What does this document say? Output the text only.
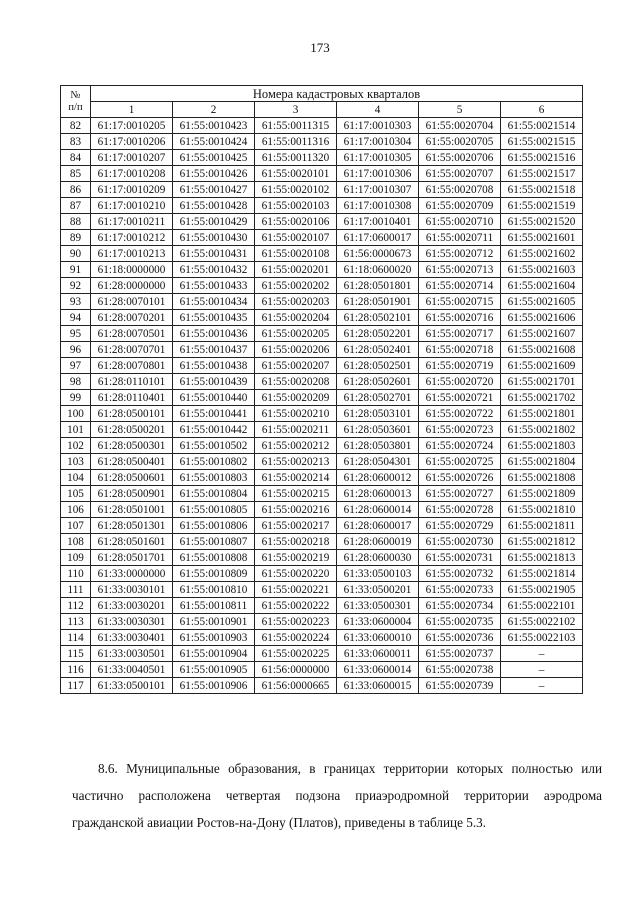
173
№
п/п	Номера кадастровых кварталов					
	1	2	3	4	5	6
82	61:17:0010205	61:55:0010423	61:55:0011315	61:17:0010303	61:55:0020704	61:55:0021514
83	61:17:0010206	61:55:0010424	61:55:0011316	61:17:0010304	61:55:0020705	61:55:0021515
84	61:17:0010207	61:55:0010425	61:55:0011320	61:17:0010305	61:55:0020706	61:55:0021516
85	61:17:0010208	61:55:0010426	61:55:0020101	61:17:0010306	61:55:0020707	61:55:0021517
86	61:17:0010209	61:55:0010427	61:55:0020102	61:17:0010307	61:55:0020708	61:55:0021518
87	61:17:0010210	61:55:0010428	61:55:0020103	61:17:0010308	61:55:0020709	61:55:0021519
88	61:17:0010211	61:55:0010429	61:55:0020106	61:17:0010401	61:55:0020710	61:55:0021520
89	61:17:0010212	61:55:0010430	61:55:0020107	61:17:0600017	61:55:0020711	61:55:0021601
90	61:17:0010213	61:55:0010431	61:55:0020108	61:56:0000673	61:55:0020712	61:55:0021602
91	61:18:0000000	61:55:0010432	61:55:0020201	61:18:0600020	61:55:0020713	61:55:0021603
92	61:28:0000000	61:55:0010433	61:55:0020202	61:28:0501801	61:55:0020714	61:55:0021604
93	61:28:0070101	61:55:0010434	61:55:0020203	61:28:0501901	61:55:0020715	61:55:0021605
94	61:28:0070201	61:55:0010435	61:55:0020204	61:28:0502101	61:55:0020716	61:55:0021606
95	61:28:0070501	61:55:0010436	61:55:0020205	61:28:0502201	61:55:0020717	61:55:0021607
96	61:28:0070701	61:55:0010437	61:55:0020206	61:28:0502401	61:55:0020718	61:55:0021608
97	61:28:0070801	61:55:0010438	61:55:0020207	61:28:0502501	61:55:0020719	61:55:0021609
98	61:28:0110101	61:55:0010439	61:55:0020208	61:28:0502601	61:55:0020720	61:55:0021701
99	61:28:0110401	61:55:0010440	61:55:0020209	61:28:0502701	61:55:0020721	61:55:0021702
100	61:28:0500101	61:55:0010441	61:55:0020210	61:28:0503101	61:55:0020722	61:55:0021801
101	61:28:0500201	61:55:0010442	61:55:0020211	61:28:0503601	61:55:0020723	61:55:0021802
102	61:28:0500301	61:55:0010502	61:55:0020212	61:28:0503801	61:55:0020724	61:55:0021803
103	61:28:0500401	61:55:0010802	61:55:0020213	61:28:0504301	61:55:0020725	61:55:0021804
104	61:28:0500601	61:55:0010803	61:55:0020214	61:28:0600012	61:55:0020726	61:55:0021808
105	61:28:0500901	61:55:0010804	61:55:0020215	61:28:0600013	61:55:0020727	61:55:0021809
106	61:28:0501001	61:55:0010805	61:55:0020216	61:28:0600014	61:55:0020728	61:55:0021810
107	61:28:0501301	61:55:0010806	61:55:0020217	61:28:0600017	61:55:0020729	61:55:0021811
108	61:28:0501601	61:55:0010807	61:55:0020218	61:28:0600019	61:55:0020730	61:55:0021812
109	61:28:0501701	61:55:0010808	61:55:0020219	61:28:0600030	61:55:0020731	61:55:0021813
110	61:33:0000000	61:55:0010809	61:55:0020220	61:33:0500103	61:55:0020732	61:55:0021814
111	61:33:0030101	61:55:0010810	61:55:0020221	61:33:0500201	61:55:0020733	61:55:0021905
112	61:33:0030201	61:55:0010811	61:55:0020222	61:33:0500301	61:55:0020734	61:55:0022101
113	61:33:0030301	61:55:0010901	61:55:0020223	61:33:0600004	61:55:0020735	61:55:0022102
114	61:33:0030401	61:55:0010903	61:55:0020224	61:33:0600010	61:55:0020736	61:55:0022103
115	61:33:0030501	61:55:0010904	61:55:0020225	61:33:0600011	61:55:0020737	–
116	61:33:0040501	61:55:0010905	61:56:0000000	61:33:0600014	61:55:0020738	–
117	61:33:0500101	61:55:0010906	61:56:0000665	61:33:0600015	61:55:0020739	–

8.6. Муниципальные образования, в границах территории которых полностью или частично расположена четвертая подзона приаэродромной территории аэродрома гражданской авиации Ростов-на-Дону (Платов), приведены в таблице 5.3.
